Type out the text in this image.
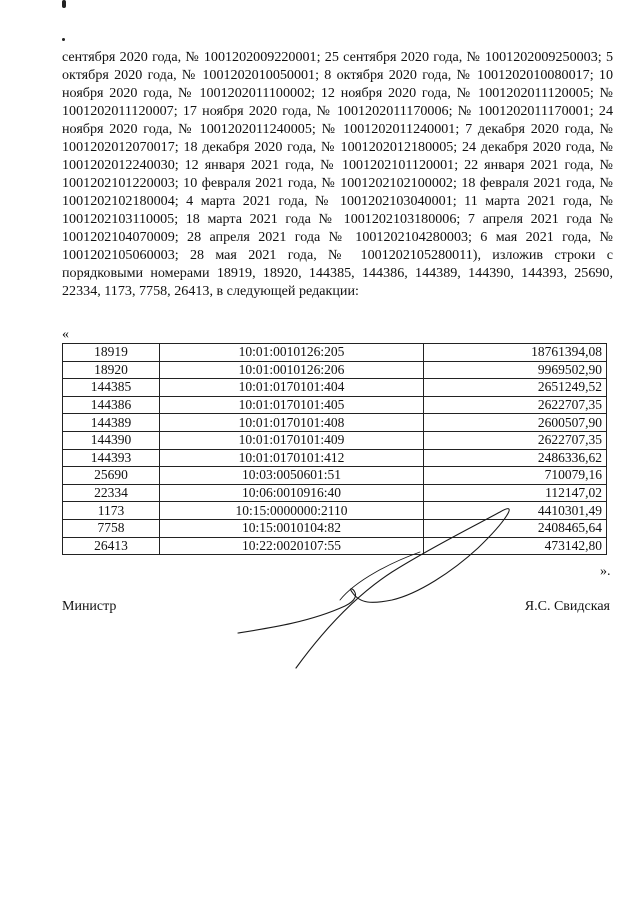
сентября 2020 года, № 1001202009220001; 25 сентября 2020 года, № 1001202009250003; 5 октября 2020 года, № 1001202010050001; 8 октября 2020 года, № 1001202010080017; 10 ноября 2020 года, № 1001202011100002; 12 ноября 2020 года, № 1001202011120005; № 1001202011120007; 17 ноября 2020 года, № 1001202011170006; № 1001202011170001; 24 ноября 2020 года, № 1001202011240005; № 1001202011240001; 7 декабря 2020 года, № 1001202012070017; 18 декабря 2020 года, № 1001202012180005; 24 декабря 2020 года, № 1001202012240030; 12 января 2021 года, № 1001202101120001; 22 января 2021 года, № 1001202101220003; 10 февраля 2021 года, № 1001202102100002; 18 февраля 2021 года, № 1001202102180004; 4 марта 2021 года, № 1001202103040001; 11 марта 2021 года, № 1001202103110005; 18 марта 2021 года № 1001202103180006; 7 апреля 2021 года № 1001202104070009; 28 апреля 2021 года № 1001202104280003; 6 мая 2021 года, № 1001202105060003; 28 мая 2021 года, № 1001202105280011), изложив строки с порядковыми номерами 18919, 18920, 144385, 144386, 144389, 144390, 144393, 25690, 22334, 1173, 7758, 26413, в следующей редакции:

«
18919	10:01:0010126:205	18761394,08
18920	10:01:0010126:206	9969502,90
144385	10:01:0170101:404	2651249,52
144386	10:01:0170101:405	2622707,35
144389	10:01:0170101:408	2600507,90
144390	10:01:0170101:409	2622707,35
144393	10:01:0170101:412	2486336,62
25690	10:03:0050601:51	710079,16
22334	10:06:0010916:40	112147,02
1173	10:15:0000000:2110	4410301,49
7758	10:15:0010104:82	2408465,64
26413	10:22:0020107:55	473142,80
».
Министр	Я.С. Свидская
